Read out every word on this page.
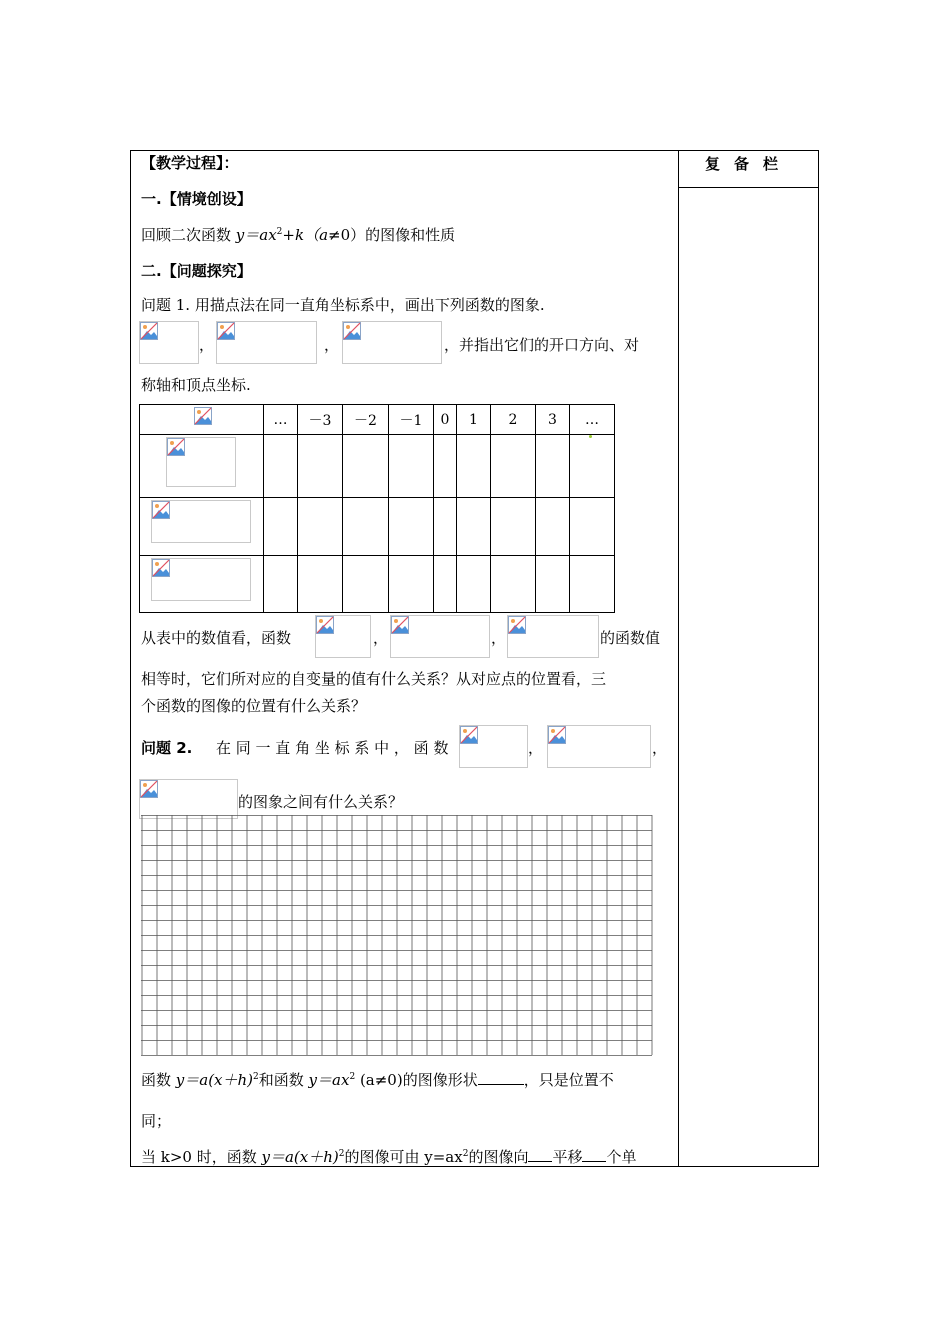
复备栏
【教学过程】：
一.【情境创设】
回顾二次函数 $y=ax^2+k(a\ne 0)$的图像和性质
二.【问题探究】
问题 1. 用描点法在同一直角坐标系中，画出下列函数的图象.
，	，	，并指出它们的开口方向、对
称轴和顶点坐标.
	…	－3	－2	－1	0	1	2	3	…

从表中的数值看，函数	，	，	的函数值
相等时，它们所对应的自变量的值有什么关系？从对应点的位置看，三
个函数的图像的位置有什么关系？
问题 2. 在 同 一 直 角 坐 标 系 中 ， 函 数	，	，
的图象之间有什么关系？
函数 $y=a(x+h)^2$和函数 $y=ax^2$ (a≠0)的图像形状	，只是位置不
同；
当 k>0 时，函数 $y=a(x+h)^2$的图像可由 $y=ax^2$的图像向 平移 个单
